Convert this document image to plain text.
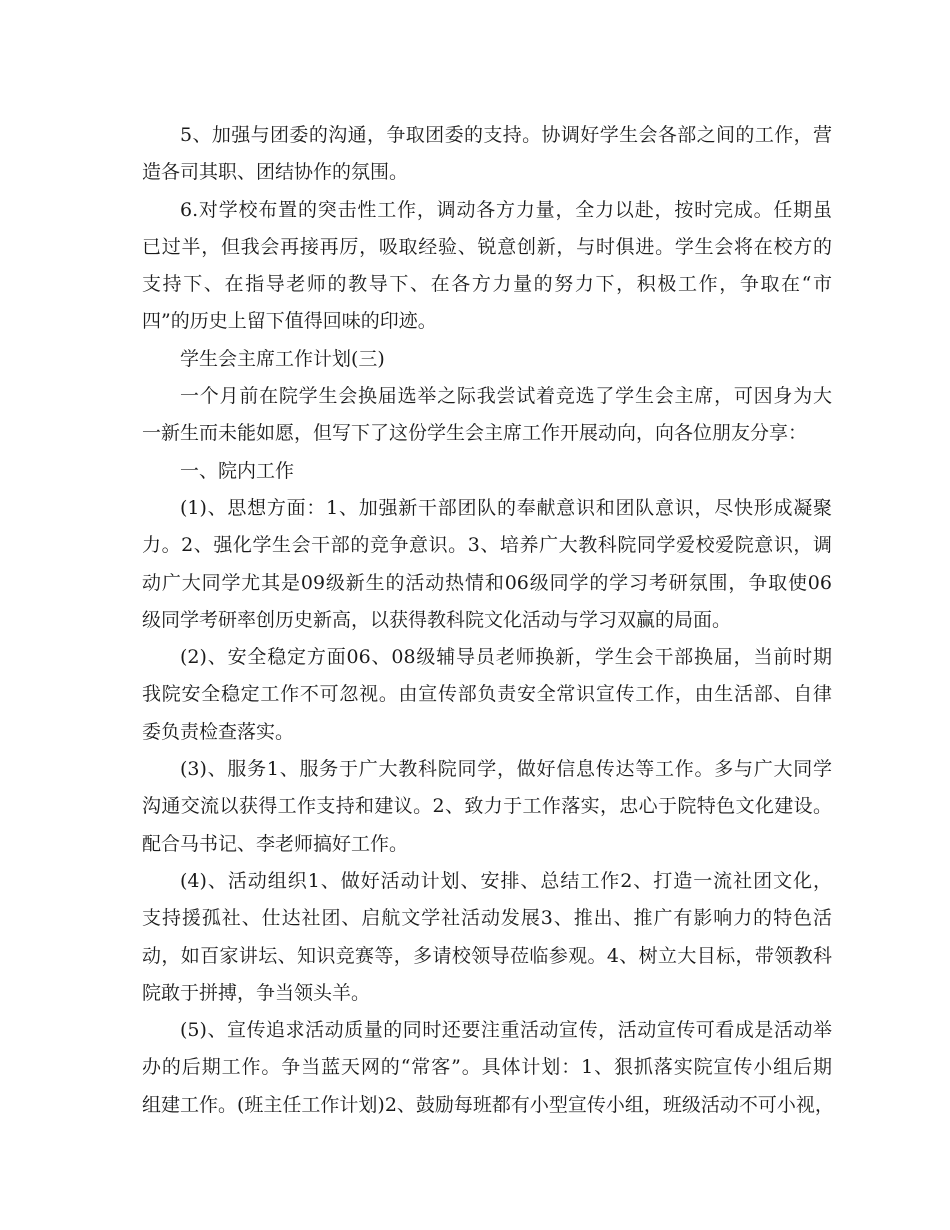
5、加强与团委的沟通，争取团委的支持。协调好学生会各部之间的工作，营
造各司其职、团结协作的氛围。
6.对学校布置的突击性工作，调动各方力量，全力以赴，按时完成。任期虽
已过半，但我会再接再厉，吸取经验、锐意创新，与时俱进。学生会将在校方的
支持下、在指导老师的教导下、在各方力量的努力下，积极工作，争取在“市
四”的历史上留下值得回味的印迹。
学生会主席工作计划(三)
一个月前在院学生会换届选举之际我尝试着竞选了学生会主席，可因身为大
一新生而未能如愿，但写下了这份学生会主席工作开展动向，向各位朋友分享：
一、院内工作
(1)、思想方面：1、加强新干部团队的奉献意识和团队意识，尽快形成凝聚
力。2、强化学生会干部的竞争意识。3、培养广大教科院同学爱校爱院意识，调
动广大同学尤其是09级新生的活动热情和06级同学的学习考研氛围，争取使06
级同学考研率创历史新高，以获得教科院文化活动与学习双赢的局面。
(2)、安全稳定方面06、08级辅导员老师换新，学生会干部换届，当前时期
我院安全稳定工作不可忽视。由宣传部负责安全常识宣传工作，由生活部、自律
委负责检查落实。
(3)、服务1、服务于广大教科院同学，做好信息传达等工作。多与广大同学
沟通交流以获得工作支持和建议。2、致力于工作落实，忠心于院特色文化建设。
配合马书记、李老师搞好工作。
(4)、活动组织1、做好活动计划、安排、总结工作2、打造一流社团文化，
支持援孤社、仕达社团、启航文学社活动发展3、推出、推广有影响力的特色活
动，如百家讲坛、知识竞赛等，多请校领导莅临参观。4、树立大目标，带领教科
院敢于拼搏，争当领头羊。
(5)、宣传追求活动质量的同时还要注重活动宣传，活动宣传可看成是活动举
办的后期工作。争当蓝天网的“常客”。具体计划：1、狠抓落实院宣传小组后期
组建工作。(班主任工作计划)2、鼓励每班都有小型宣传小组，班级活动不可小视，
